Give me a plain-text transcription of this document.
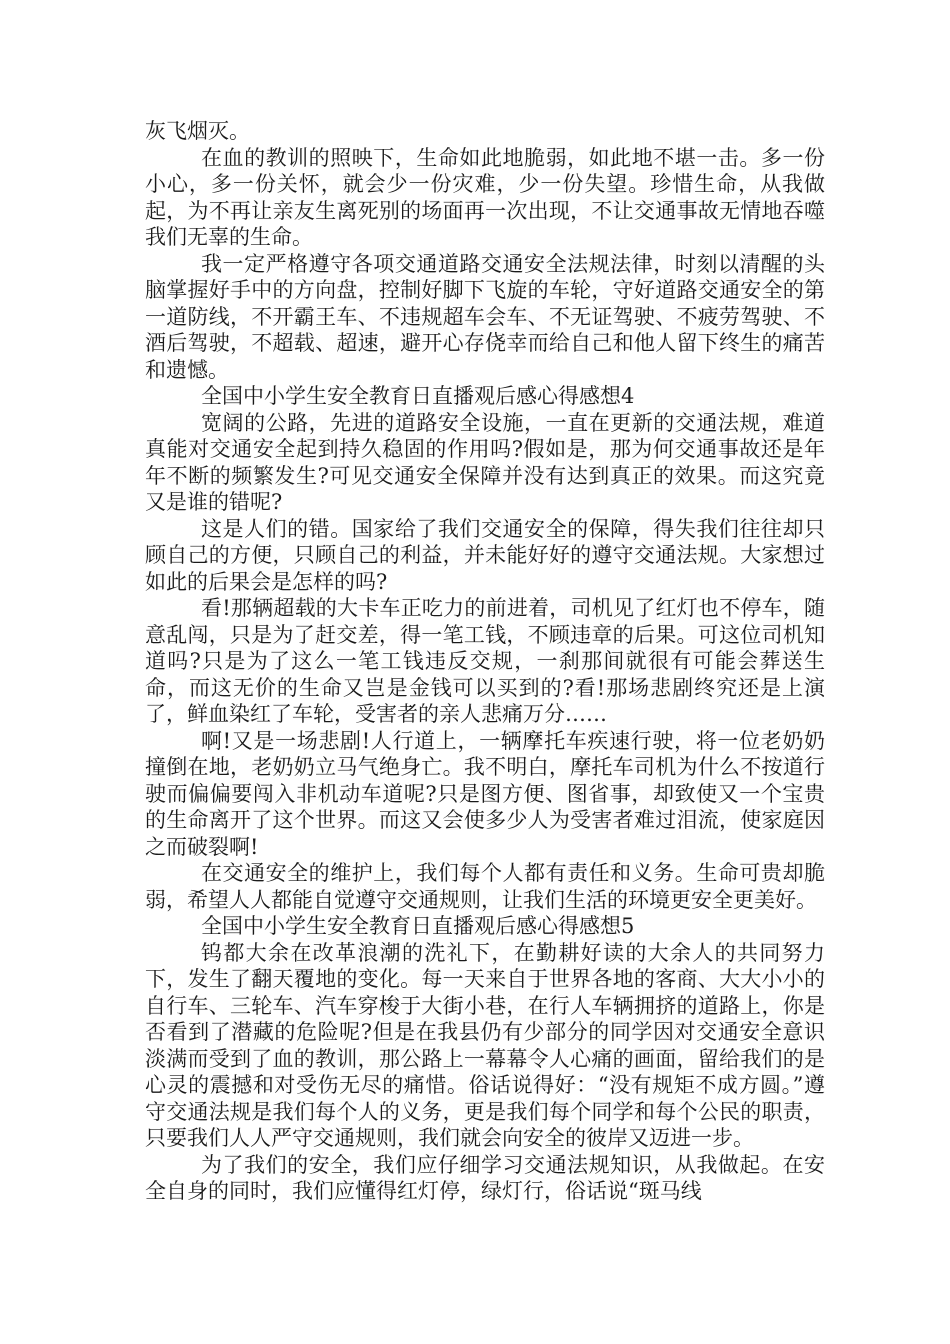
灰飞烟灭。

在血的教训的照映下，生命如此地脆弱，如此地不堪一击。多一份小心，多一份关怀，就会少一份灾难，少一份失望。珍惜生命，从我做起，为不再让亲友生离死别的场面再一次出现，不让交通事故无情地吞噬我们无辜的生命。

我一定严格遵守各项交通道路交通安全法规法律，时刻以清醒的头脑掌握好手中的方向盘，控制好脚下飞旋的车轮，守好道路交通安全的第一道防线，不开霸王车、不违规超车会车、不无证驾驶、不疲劳驾驶、不酒后驾驶，不超载、超速，避开心存侥幸而给自己和他人留下终生的痛苦和遗憾。

全国中小学生安全教育日直播观后感心得感想4

宽阔的公路，先进的道路安全设施，一直在更新的交通法规，难道真能对交通安全起到持久稳固的作用吗?假如是，那为何交通事故还是年年不断的频繁发生?可见交通安全保障并没有达到真正的效果。而这究竟又是谁的错呢?

这是人们的错。国家给了我们交通安全的保障，得失我们往往却只顾自己的方便，只顾自己的利益，并未能好好的遵守交通法规。大家想过如此的后果会是怎样的吗?

看!那辆超载的大卡车正吃力的前进着，司机见了红灯也不停车，随意乱闯，只是为了赶交差，得一笔工钱，不顾违章的后果。可这位司机知道吗?只是为了这么一笔工钱违反交规，一刹那间就很有可能会葬送生命，而这无价的生命又岂是金钱可以买到的?看!那场悲剧终究还是上演了，鲜血染红了车轮，受害者的亲人悲痛万分……

啊!又是一场悲剧!人行道上，一辆摩托车疾速行驶，将一位老奶奶撞倒在地，老奶奶立马气绝身亡。我不明白，摩托车司机为什么不按道行驶而偏偏要闯入非机动车道呢?只是图方便、图省事，却致使又一个宝贵的生命离开了这个世界。而这又会使多少人为受害者难过泪流，使家庭因之而破裂啊!

在交通安全的维护上，我们每个人都有责任和义务。生命可贵却脆弱，希望人人都能自觉遵守交通规则，让我们生活的环境更安全更美好。

全国中小学生安全教育日直播观后感心得感想5

钨都大余在改革浪潮的洗礼下，在勤耕好读的大余人的共同努力下，发生了翻天覆地的变化。每一天来自于世界各地的客商、大大小小的自行车、三轮车、汽车穿梭于大街小巷，在行人车辆拥挤的道路上，你是否看到了潜藏的危险呢?但是在我县仍有少部分的同学因对交通安全意识淡满而受到了血的教训，那公路上一幕幕令人心痛的画面，留给我们的是心灵的震撼和对受伤无尽的痛惜。俗话说得好：“没有规矩不成方圆。”遵守交通法规是我们每个人的义务，更是我们每个同学和每个公民的职责，只要我们人人严守交通规则，我们就会向安全的彼岸又迈进一步。

为了我们的安全，我们应仔细学习交通法规知识，从我做起。在安全自身的同时，我们应懂得红灯停，绿灯行，俗话说“斑马线
